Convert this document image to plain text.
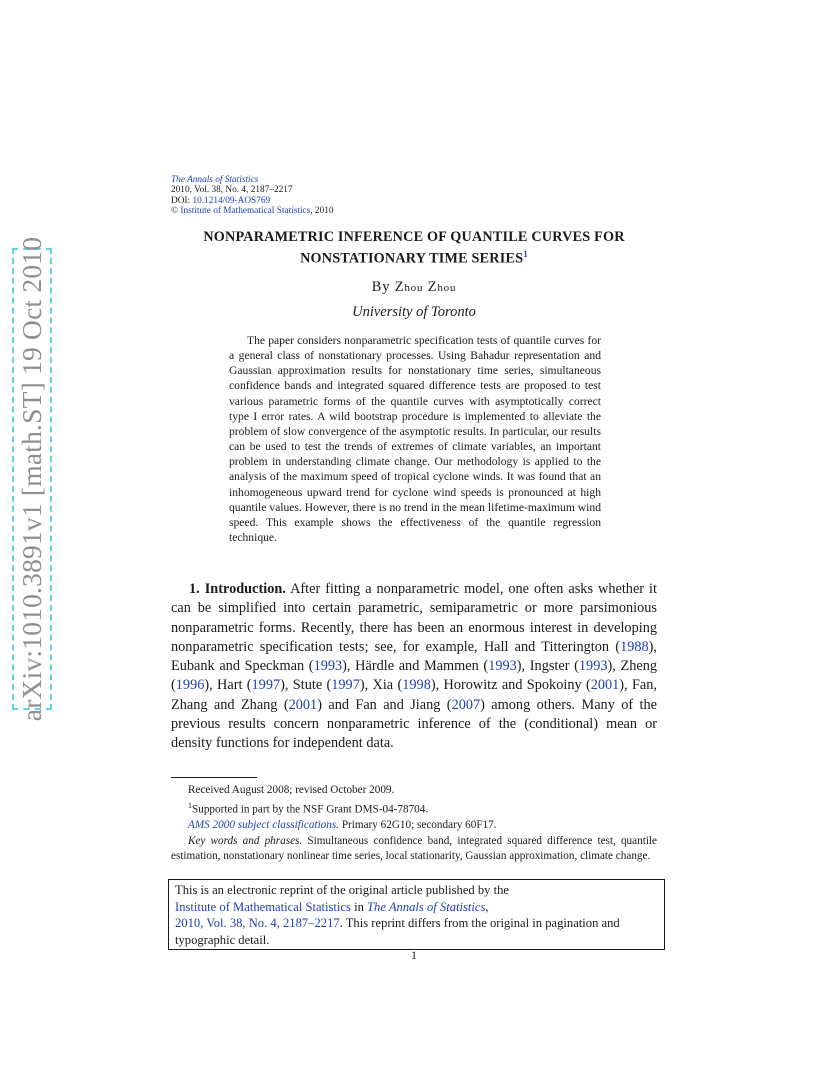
arXiv:1010.3891v1 [math.ST] 19 Oct 2010
The Annals of Statistics
2010, Vol. 38, No. 4, 2187–2217
DOI: 10.1214/09-AOS769
© Institute of Mathematical Statistics, 2010
NONPARAMETRIC INFERENCE OF QUANTILE CURVES FOR
NONSTATIONARY TIME SERIES$^1$
By Zhou Zhou
University of Toronto
The paper considers nonparametric specification tests of quantile curves for a general class of nonstationary processes. Using Bahadur representation and Gaussian approximation results for nonstationary time series, simultaneous confidence bands and integrated squared difference tests are proposed to test various parametric forms of the quantile curves with asymptotically correct type I error rates. A wild bootstrap procedure is implemented to alleviate the problem of slow convergence of the asymptotic results. In particular, our results can be used to test the trends of extremes of climate variables, an important problem in understanding climate change. Our methodology is applied to the analysis of the maximum speed of tropical cyclone winds. It was found that an inhomogeneous upward trend for cyclone wind speeds is pronounced at high quantile values. However, there is no trend in the mean lifetime-maximum wind speed. This example shows the effectiveness of the quantile regression technique.
1. Introduction. After fitting a nonparametric model, one often asks whether it can be simplified into certain parametric, semiparametric or more parsimonious nonparametric forms. Recently, there has been an enormous interest in developing nonparametric specification tests; see, for example, Hall and Titterington (1988), Eubank and Speckman (1993), Härdle and Mammen (1993), Ingster (1993), Zheng (1996), Hart (1997), Stute (1997), Xia (1998), Horowitz and Spokoiny (2001), Fan, Zhang and Zhang (2001) and Fan and Jiang (2007) among others. Many of the previous results concern nonparametric inference of the (conditional) mean or density functions for independent data.

Received August 2008; revised October 2009.

$^1$Supported in part by the NSF Grant DMS-04-78704.

AMS 2000 subject classifications. Primary 62G10; secondary 60F17.

Key words and phrases. Simultaneous confidence band, integrated squared difference test, quantile estimation, nonstationary nonlinear time series, local stationarity, Gaussian approximation, climate change.

This is an electronic reprint of the original article published by the
Institute of Mathematical Statistics in The Annals of Statistics,
2010, Vol. 38, No. 4, 2187–2217. This reprint differs from the original in pagination and typographic detail.
1
